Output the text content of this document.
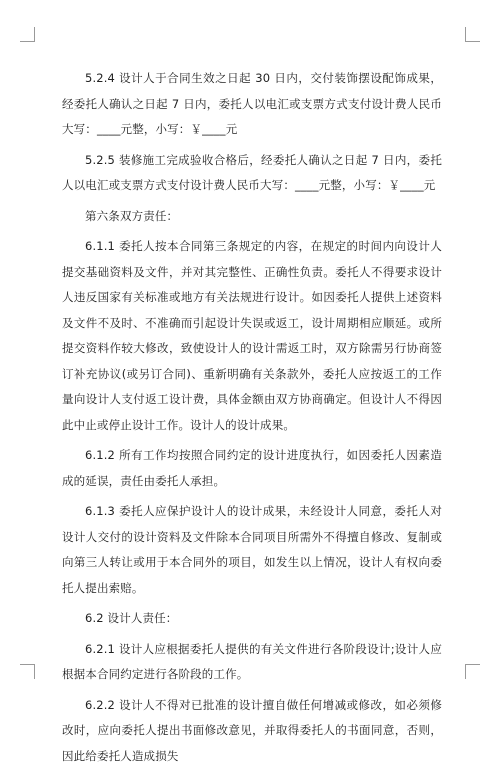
5.2.4 设计人于合同生效之日起 30 日内，交付装饰摆设配饰成果，经委托人确认之日起 7 日内，委托人以电汇或支票方式支付设计费人民币大写：____元整，小写：￥____元

5.2.5 装修施工完成验收合格后，经委托人确认之日起 7 日内，委托人以电汇或支票方式支付设计费人民币大写：____元整，小写：￥____元

第六条双方责任：

6.1.1 委托人按本合同第三条规定的内容，在规定的时间内向设计人提交基础资料及文件，并对其完整性、正确性负责。委托人不得要求设计人违反国家有关标准或地方有关法规进行设计。如因委托人提供上述资料及文件不及时、不准确而引起设计失误或返工，设计周期相应顺延。或所提交资料作较大修改，致使设计人的设计需返工时，双方除需另行协商签订补充协议(或另订合同)、重新明确有关条款外，委托人应按返工的工作量向设计人支付返工设计费，具体金额由双方协商确定。但设计人不得因此中止或停止设计工作。设计人的设计成果。

6.1.2 所有工作均按照合同约定的设计进度执行，如因委托人因素造成的延误，责任由委托人承担。

6.1.3 委托人应保护设计人的设计成果，未经设计人同意，委托人对设计人交付的设计资料及文件除本合同项目所需外不得擅自修改、复制或向第三人转让或用于本合同外的项目，如发生以上情况，设计人有权向委托人提出索赔。

6.2 设计人责任：

6.2.1 设计人应根据委托人提供的有关文件进行各阶段设计;设计人应根据本合同约定进行各阶段的工作。

6.2.2 设计人不得对已批准的设计擅自做任何增减或修改，如必须修改时，应向委托人提出书面修改意见，并取得委托人的书面同意，否则，因此给委托人造成损失
